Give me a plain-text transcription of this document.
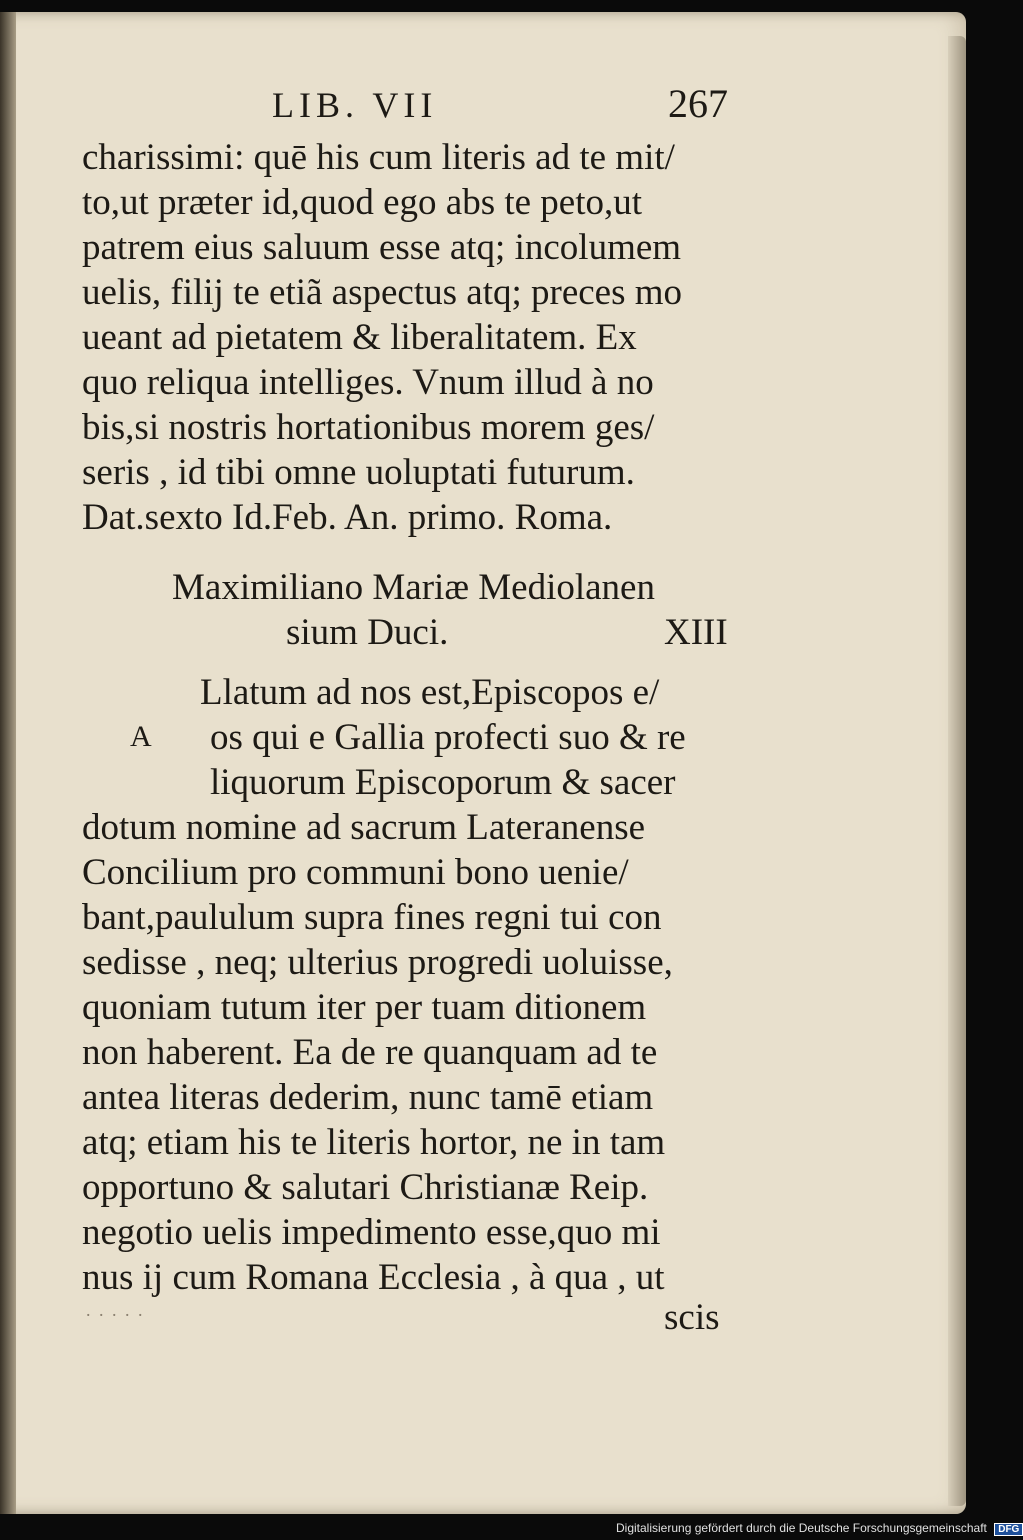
LIB. VII	267
charissimi: quē his cum literis ad te mit/
to,ut præter id,quod ego abs te peto,ut
patrem eius saluum esse atq; incolumem
uelis, filij te etiã aspectus atq; preces mo
ueant ad pietatem & liberalitatem. Ex
quo reliqua intelliges. Vnum illud à no
bis,si nostris hortationibus morem ges/
seris , id tibi omne uoluptati futurum.
Dat.sexto Id.Feb. An. primo. Roma.
Maximiliano Mariæ Mediolanen
sium Duci.	XIII
A
Llatum ad nos est,Episcopos e/
os qui e Gallia profecti suo & re
liquorum Episcoporum & sacer
dotum nomine ad sacrum Lateranense
Concilium pro communi bono uenie/
bant,paululum supra fines regni tui con
sedisse , neq; ulterius progredi uoluisse,
quoniam tutum iter per tuam ditionem
non haberent. Ea de re quanquam ad te
antea literas dederim, nunc tamē etiam
atq; etiam his te literis hortor, ne in tam
opportuno & salutari Christianæ Reip.
negotio uelis impedimento esse,quo mi
nus ij cum Romana Ecclesia , à qua , ut
. . . . .	scis
Digitalisierung gefördert durch die Deutsche Forschungsgemeinschaft DFG
